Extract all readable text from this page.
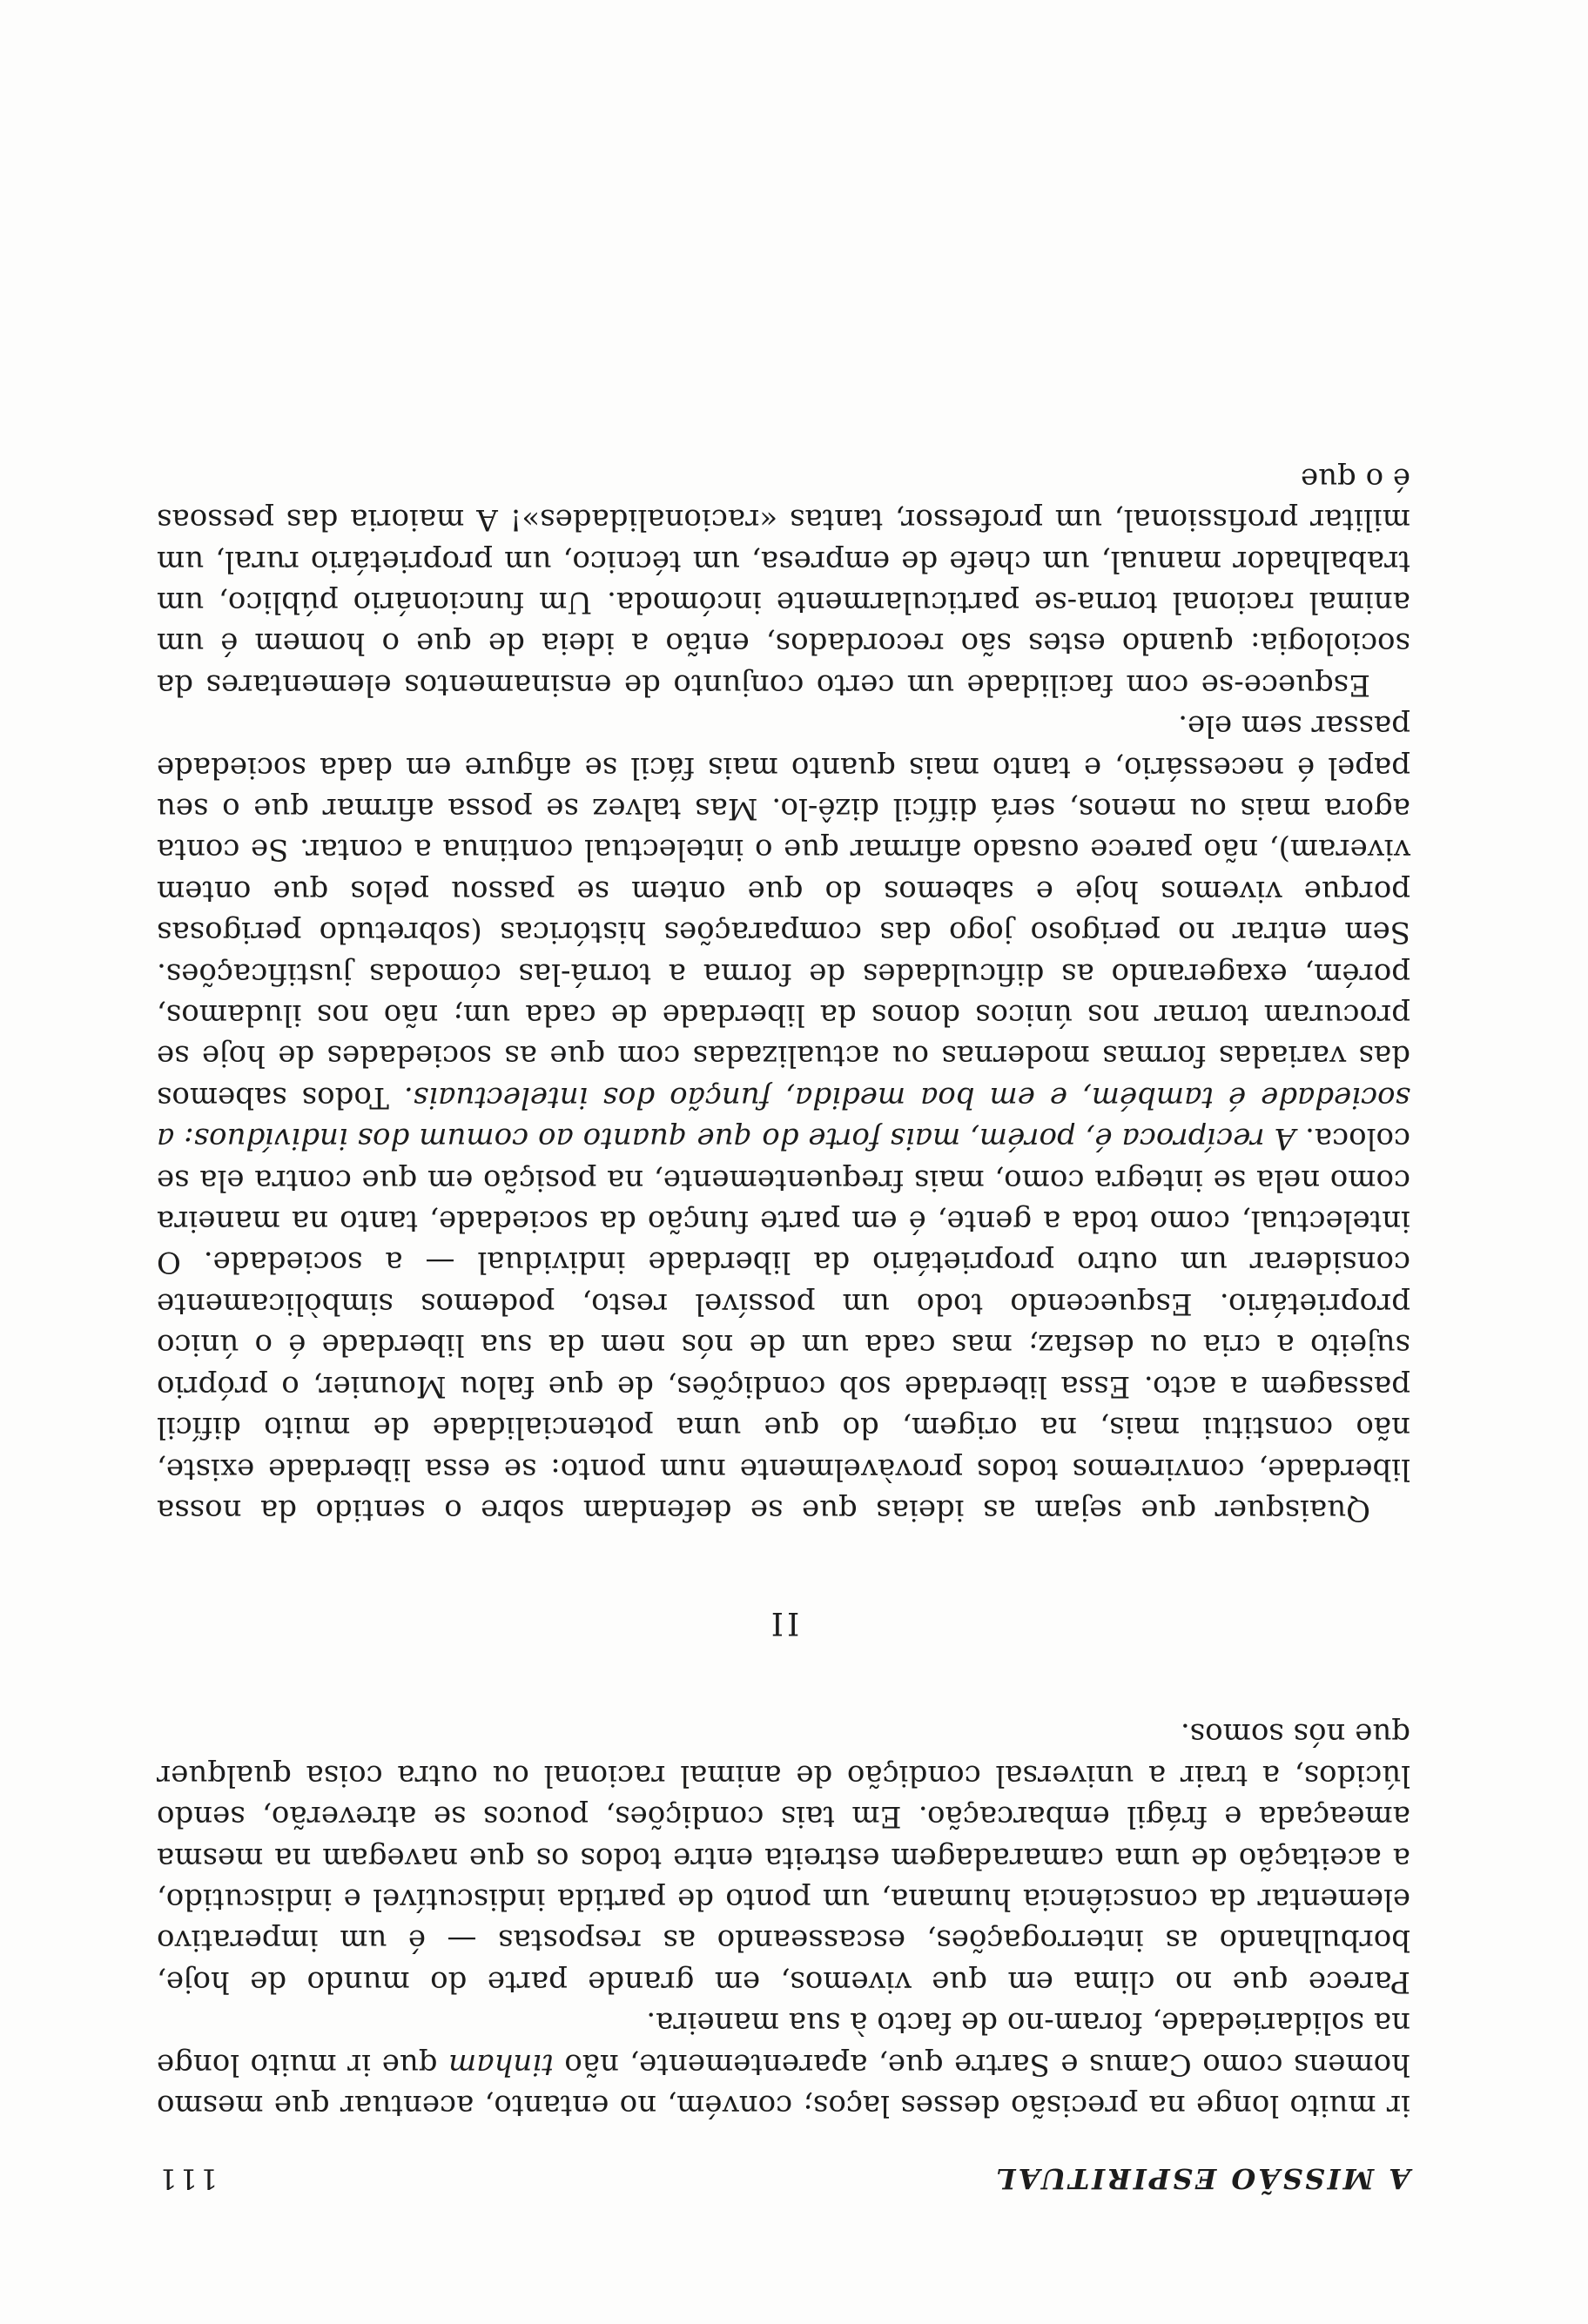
A MISSÃO ESPIRITUAL
111

ir muito longe na precisão desses laços; convém, no entanto, acentuar que mesmo homens como Camus e Sartre que, aparentemente, não tinham que ir muito longe na solidariedade, foram-no de facto à sua maneira.

Parece que no clima em que vivemos, em grande parte do mundo de hoje, borbulhando as interrogações, escasseando as respostas — é um imperativo elementar da consciência humana, um ponto de partida indiscutível e indiscutido, a aceitação de uma camaradagem estreita entre todos os que navegam na mesma ameaçada e frágil embarcação. Em tais condições, poucos se atreverão, sendo lúcidos, a trair a universal condição de animal racional ou outra coisa qualquer que nós somos.

II

Quaisquer que sejam as ideias que se defendam sobre o sentido da nossa liberdade, conviremos todos provàvelmente num ponto: se essa liberdade existe, não constitui mais, na origem, do que uma potencialidade de muito difícil passagem a acto. Essa liberdade sob condições, de que falou Mounier, o próprio sujeito a cria ou desfaz; mas cada um de nós nem da sua liberdade é o único proprietário. Esquecendo todo um possível resto, podemos simbòlicamente considerar um outro proprietário da liberdade individual — a sociedade. O intelectual, como toda a gente, é em parte função da sociedade, tanto na maneira como nela se integra como, mais frequentemente, na posição em que contra ela se coloca. A recíproca é, porém, mais forte do que quanto ao comum dos indivíduos: a sociedade é também, e em boa medida, função dos intelectuais. Todos sabemos das variadas formas modernas ou actualizadas com que as sociedades de hoje se procuram tornar nos únicos donos da liberdade de cada um; não nos iludamos, porém, exagerando as dificuldades de forma a torná-las cómodas justificações. Sem entrar no perigoso jogo das comparações históricas (sobretudo perigosas porque vivemos hoje e sabemos do que ontem se passou pelos que ontem viveram), não parece ousado afirmar que o intelectual continua a contar. Se conta agora mais ou menos, será difícil dizê-lo. Mas talvez se possa afirmar que o seu papel é necessário, e tanto mais quanto mais fácil se afigure em dada sociedade passar sem ele.

Esquece-se com facilidade um certo conjunto de ensinamentos elementares da sociologia: quando estes são recordados, então a ideia de que o homem é um animal racional torna-se particularmente incómoda. Um funcionário público, um trabalhador manual, um chefe de empresa, um técnico, um proprietário rural, um militar profissional, um professor, tantas «racionalidades»! A maioria das pessoas é o que
